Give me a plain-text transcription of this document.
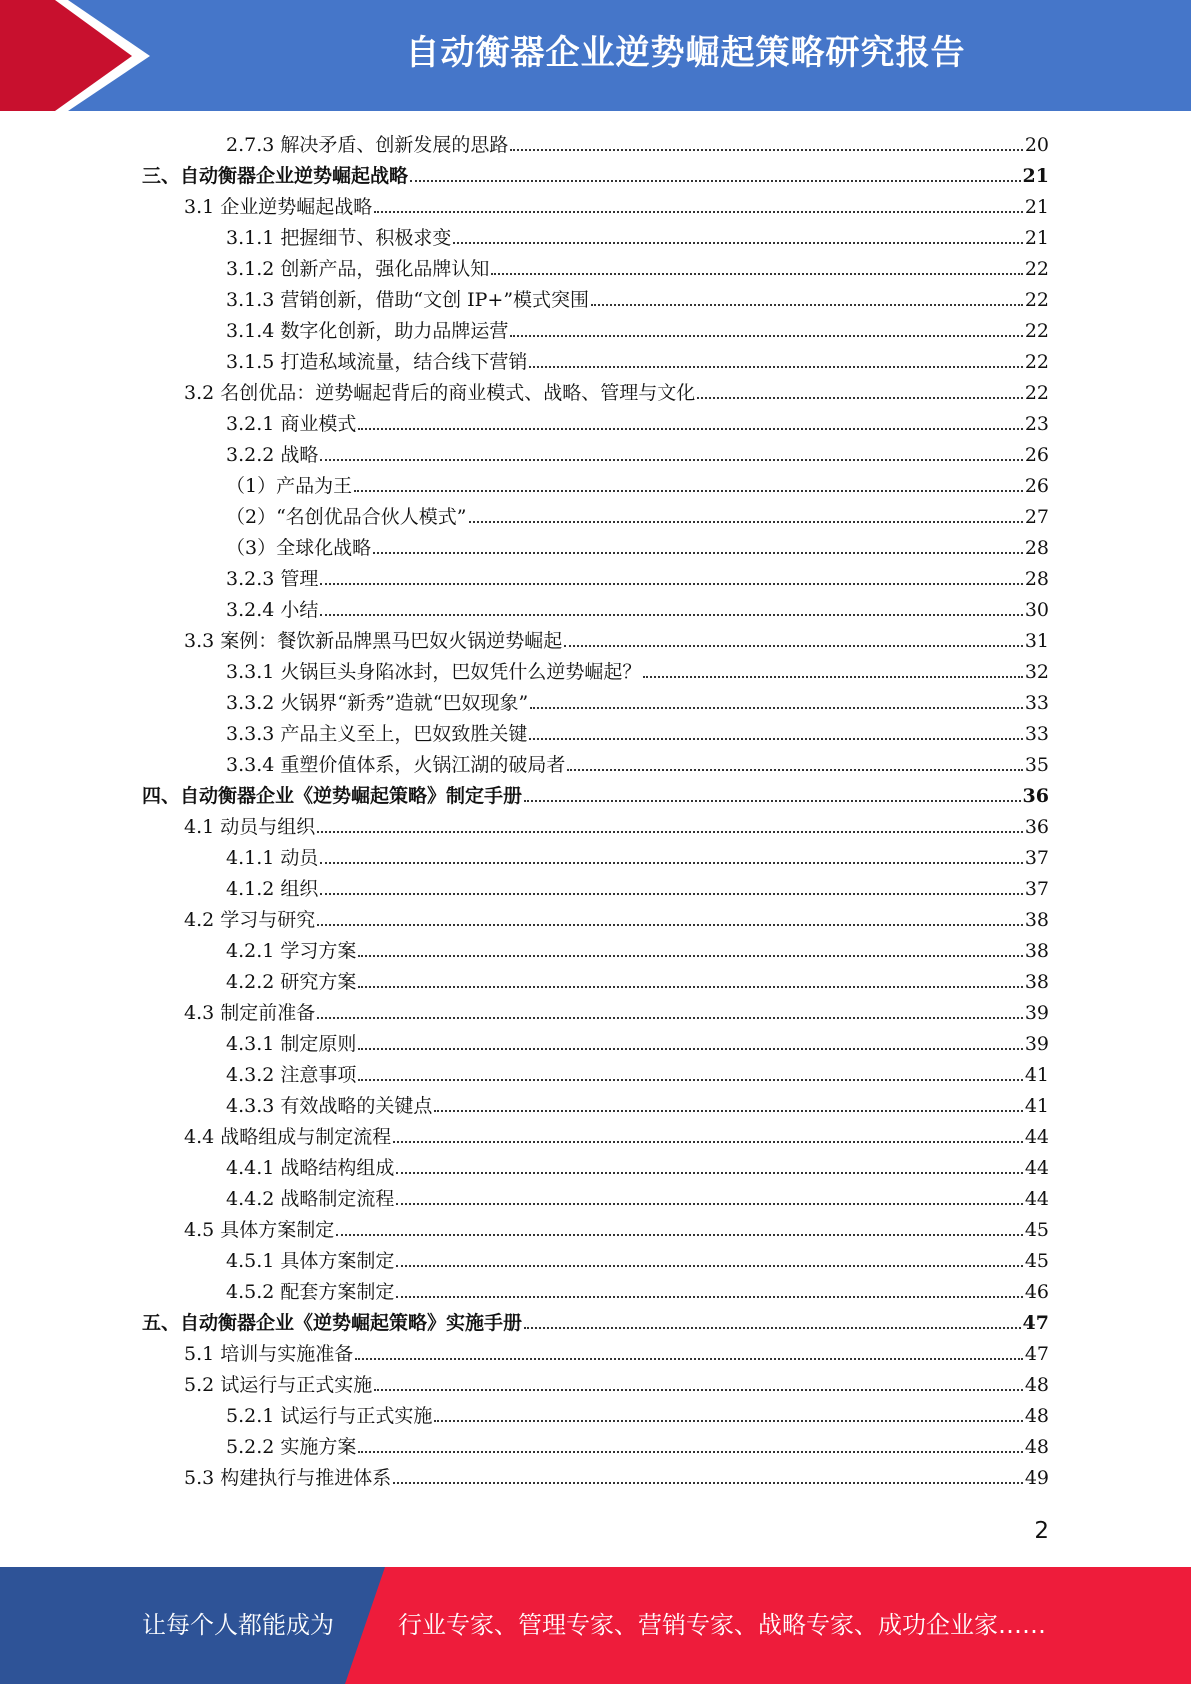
自动衡器企业逆势崛起策略研究报告
2.7.3 解决矛盾、创新发展的思路	20
三、自动衡器企业逆势崛起战略	21
3.1 企业逆势崛起战略	21
3.1.1 把握细节、积极求变	21
3.1.2 创新产品，强化品牌认知	22
3.1.3 营销创新，借助“文创 IP+”模式突围	22
3.1.4 数字化创新，助力品牌运营	22
3.1.5 打造私域流量，结合线下营销	22
3.2 名创优品：逆势崛起背后的商业模式、战略、管理与文化	22
3.2.1 商业模式	23
3.2.2 战略	26
（1）产品为王	26
（2）“名创优品合伙人模式”	27
（3）全球化战略	28
3.2.3 管理	28
3.2.4 小结	30
3.3 案例：餐饮新品牌黑马巴奴火锅逆势崛起	31
3.3.1 火锅巨头身陷冰封，巴奴凭什么逆势崛起？	32
3.3.2 火锅界“新秀”造就“巴奴现象”	33
3.3.3 产品主义至上，巴奴致胜关键	33
3.3.4 重塑价值体系，火锅江湖的破局者	35
四、自动衡器企业《逆势崛起策略》制定手册	36
4.1 动员与组织	36
4.1.1 动员	37
4.1.2 组织	37
4.2 学习与研究	38
4.2.1 学习方案	38
4.2.2 研究方案	38
4.3 制定前准备	39
4.3.1 制定原则	39
4.3.2 注意事项	41
4.3.3 有效战略的关键点	41
4.4 战略组成与制定流程	44
4.4.1 战略结构组成	44
4.4.2 战略制定流程	44
4.5 具体方案制定	45
4.5.1 具体方案制定	45
4.5.2 配套方案制定	46
五、自动衡器企业《逆势崛起策略》实施手册	47
5.1 培训与实施准备	47
5.2 试运行与正式实施	48
5.2.1 试运行与正式实施	48
5.2.2 实施方案	48
5.3 构建执行与推进体系	49
2
让每个人都能成为	行业专家、管理专家、营销专家、战略专家、成功企业家……
